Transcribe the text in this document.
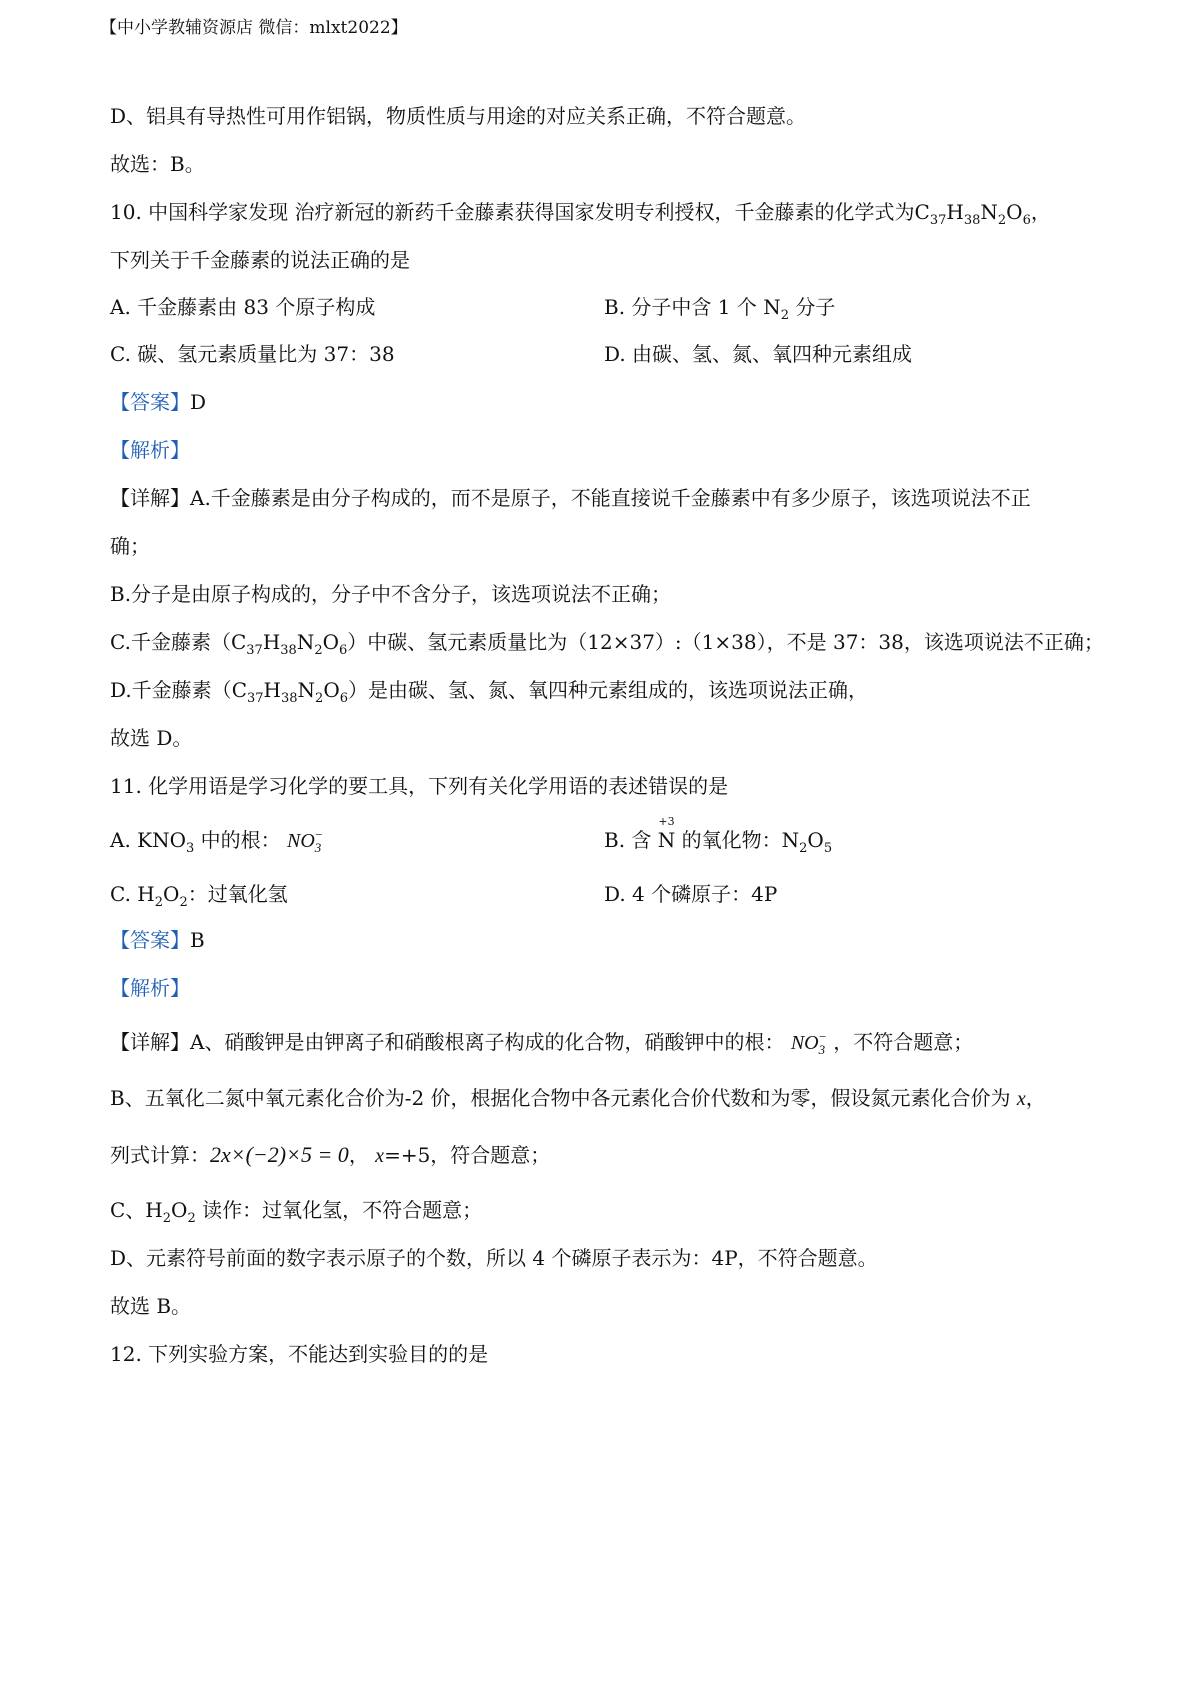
【中小学教辅资源店 微信：mlxt2022】
D、铝具有导热性可用作铝锅，物质性质与用途的对应关系正确，不符合题意。
故选：B。
10. 中国科学家发现 治疗新冠的新药千金藤素获得国家发明专利授权，千金藤素的化学式为$C_{37}H_{38}N_2O_6$，
下列关于千金藤素的说法正确的是
A. 千金藤素由 83 个原子构成	B. 分子中含 1 个 $N_2$ 分子
C. 碳、氢元素质量比为 37：38	D. 由碳、氢、氮、氧四种元素组成
【答案】D
【解析】
【详解】A.千金藤素是由分子构成的，而不是原子，不能直接说千金藤素中有多少原子，该选项说法不正
确；
B.分子是由原子构成的，分子中不含分子，该选项说法不正确；
C.千金藤素$(C_{37}H_{38}N_2O_6)$中碳、氢元素质量比为（12×37）:（1×38），不是 37：38，该选项说法不正确；
D.千金藤素$(C_{37}H_{38}N_2O_6)$是由碳、氢、氮、氧四种元素组成的，该选项说法正确，
故选 D。
11. 化学用语是学习化学的要工具，下列有关化学用语的表述错误的是
A. $KNO_3$ 中的根： $NO_3^-$	B. 含
+3
N 的氧化物：$N_2O_5$
C. $H_2O_2$：过氧化氢	D. 4 个磷原子：4P
【答案】B
【解析】
【详解】A、硝酸钾是由钾离子和硝酸根离子构成的化合物，硝酸钾中的根： $NO_3^-$ ，不符合题意；
B、五氧化二氮中氧元素化合价为-2 价，根据化合物中各元素化合价代数和为零，假设氮元素化合价为 x，
列式计算：2x×(−2)×5 = 0， x=+5，符合题意；
C、$H_2O_2$ 读作：过氧化氢，不符合题意；
D、元素符号前面的数字表示原子的个数，所以 4 个磷原子表示为：4P，不符合题意。
故选 B。
12. 下列实验方案，不能达到实验目的的是
